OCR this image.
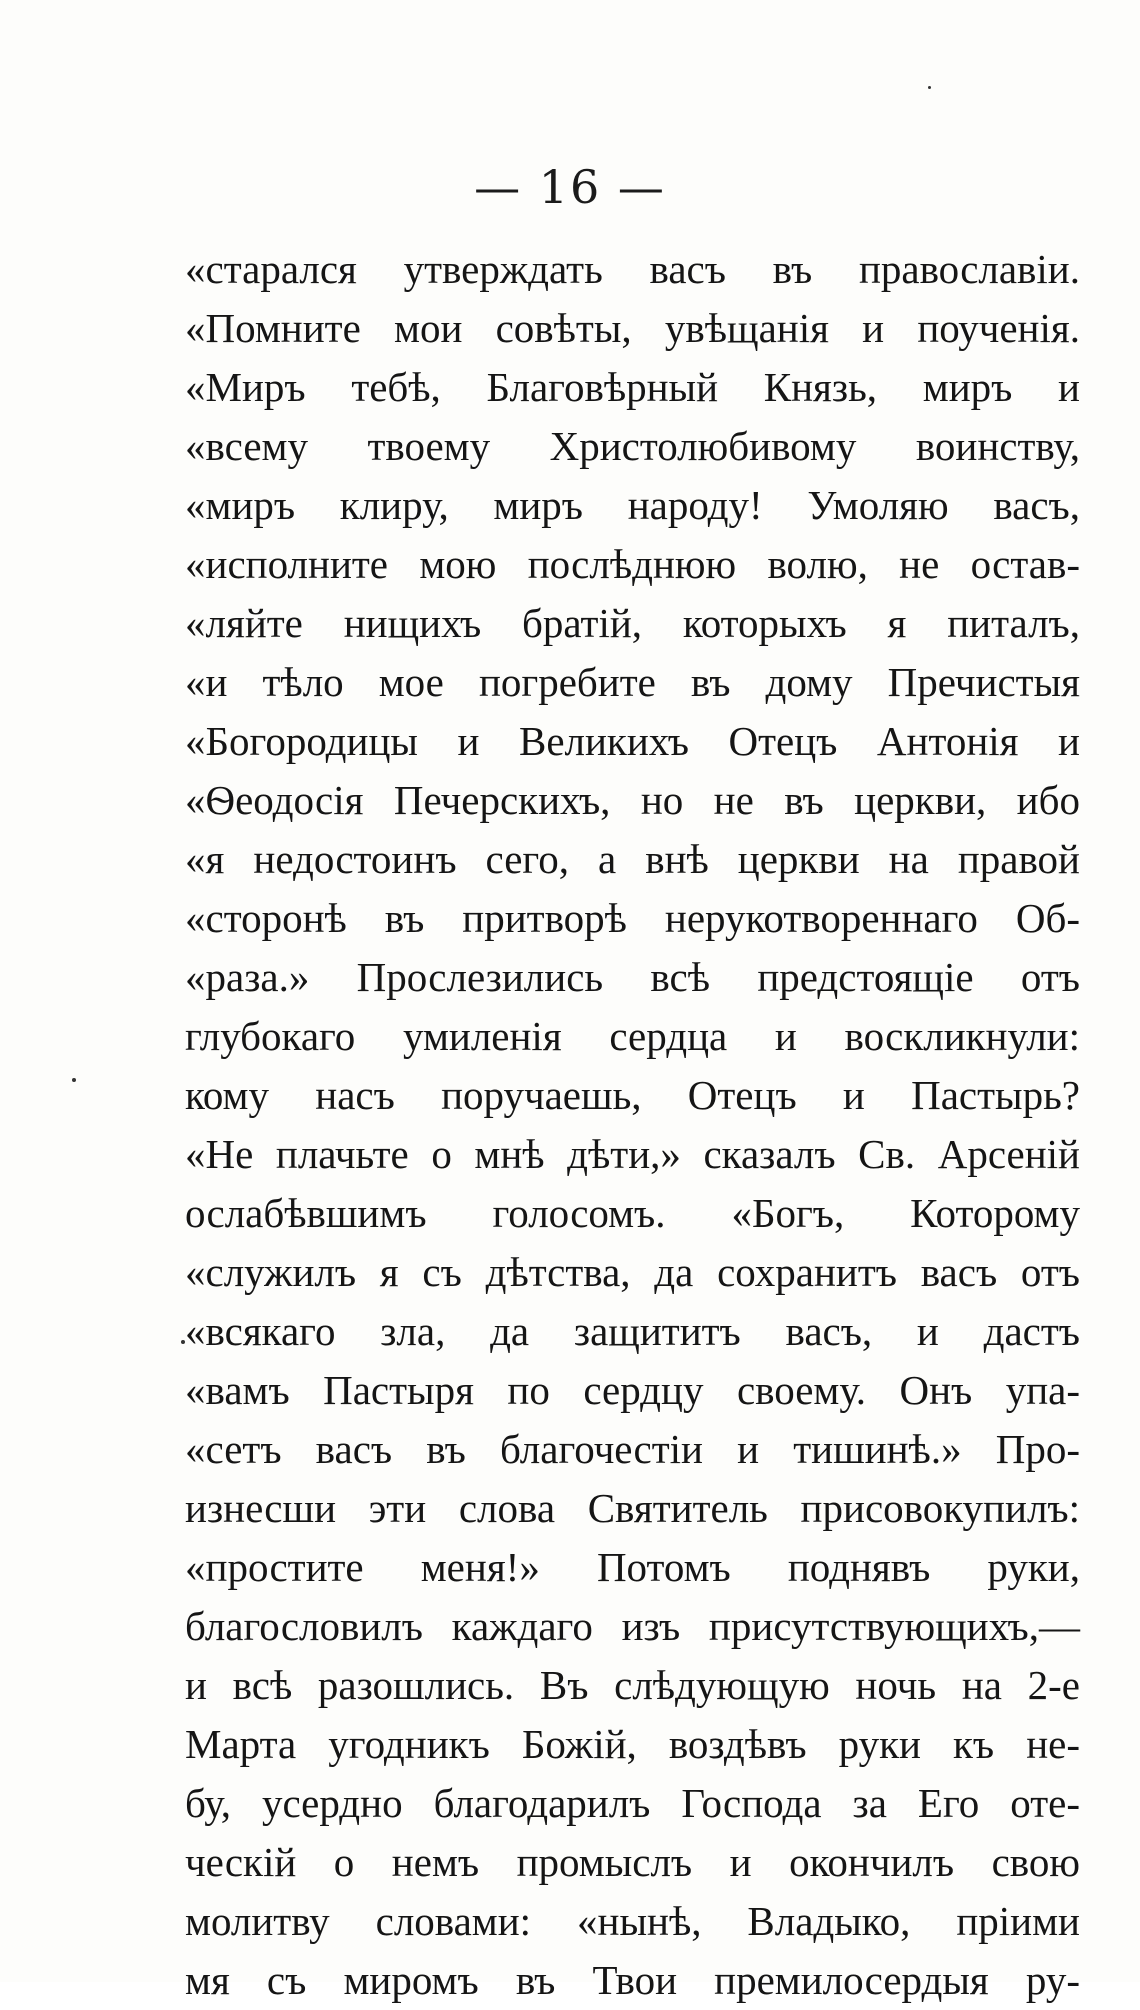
— 16 —
«старался утверждать васъ въ православіи.
«Помните мои совѣты, увѣщанія и поученія.
«Миръ тебѣ, Благовѣрный Князь, миръ и
«всему твоему Христолюбивому воинству,
«миръ клиру, миръ народу! Умоляю васъ,
«исполните мою послѣднюю волю, не остав-
«ляйте нищихъ братій, которыхъ я питалъ,
«и тѣло мое погребите въ дому Пречистыя
«Богородицы и Великихъ Отецъ Антонія и
«Ѳеодосія Печерскихъ, но не въ церкви, ибо
«я недостоинъ сего, а внѣ церкви на правой
«сторонѣ въ притворѣ нерукотвореннаго Об-
«раза.» Прослезились всѣ предстоящіе отъ
глубокаго умиленія сердца и воскликнули:
кому насъ поручаешь, Отецъ и Пастырь?
«Не плачьте о мнѣ дѣти,» сказалъ Св. Арсеній
ослабѣвшимъ голосомъ. «Богъ, Которому
«служилъ я съ дѣтства, да сохранитъ васъ отъ
«всякаго зла, да защититъ васъ, и дастъ
«вамъ Пастыря по сердцу своему. Онъ упа-
«сетъ васъ въ благочестіи и тишинѣ.» Про-
изнесши эти слова Святитель присовокупилъ:
«простите меня!» Потомъ поднявъ руки,
благословилъ каждаго изъ присутствующихъ,—
и всѣ разошлись. Въ слѣдующую ночь на 2-е
Марта угодникъ Божій, воздѣвъ руки къ не-
бу, усердно благодарилъ Господа за Его оте-
ческій о немъ промыслъ и окончилъ свою
молитву словами: «нынѣ, Владыко, пріими
мя съ миромъ въ Твои премилосердыя ру-
